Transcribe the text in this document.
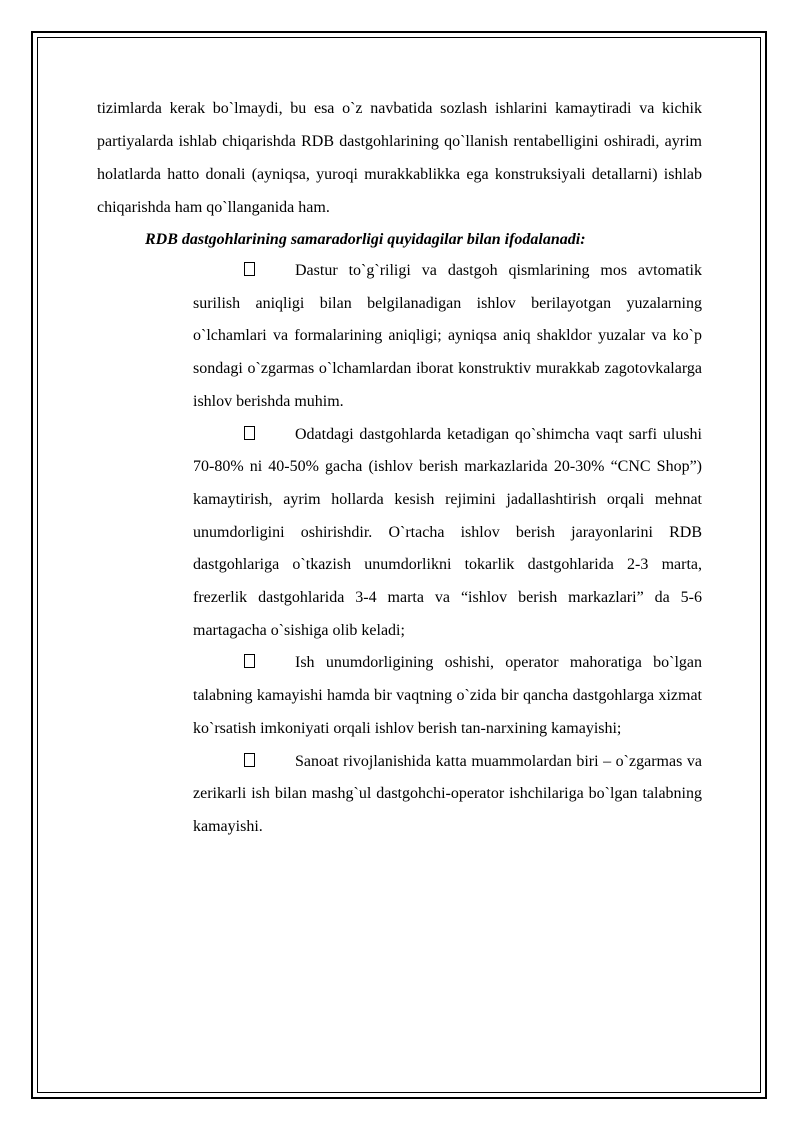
tizimlarda kerak bo`lmaydi, bu esa o`z navbatida sozlash ishlarini kamaytiradi va kichik partiyalarda ishlab chiqarishda RDB dastgohlarining qo`llanish rentabelligini oshiradi, ayrim holatlarda hatto donali (ayniqsa, yuroqi murakkablikka ega konstruksiyali detallarni) ishlab chiqarishda ham qo`llanganida ham.

RDB dastgohlarining samaradorligi quyidagilar bilan ifodalanadi:

Dastur to`g`riligi va dastgoh qismlarining mos avtomatik surilish aniqligi bilan belgilanadigan ishlov berilayotgan yuzalarning o`lchamlari va formalarining aniqligi; ayniqsa aniq shakldor yuzalar va ko`p sondagi o`zgarmas o`lchamlardan iborat konstruktiv murakkab zagotovkalarga ishlov berishda muhim.

Odatdagi dastgohlarda ketadigan qo`shimcha vaqt sarfi ulushi 70-80% ni 40-50% gacha (ishlov berish markazlarida 20-30% “CNC Shop”) kamaytirish, ayrim hollarda kesish rejimini jadallashtirish orqali mehnat unumdorligini oshirishdir. O`rtacha ishlov berish jarayonlarini RDB dastgohlariga o`tkazish unumdorlikni tokarlik dastgohlarida 2-3 marta, frezerlik dastgohlarida 3-4 marta va “ishlov berish markazlari” da 5-6 martagacha o`sishiga olib keladi;

Ish unumdorligining oshishi, operator mahoratiga bo`lgan talabning kamayishi hamda bir vaqtning o`zida bir qancha dastgohlarga xizmat ko`rsatish imkoniyati orqali ishlov berish tan-narxining kamayishi;

Sanoat rivojlanishida katta muammolardan biri – o`zgarmas va zerikarli ish bilan mashg`ul dastgohchi-operator ishchilariga bo`lgan talabning kamayishi.
